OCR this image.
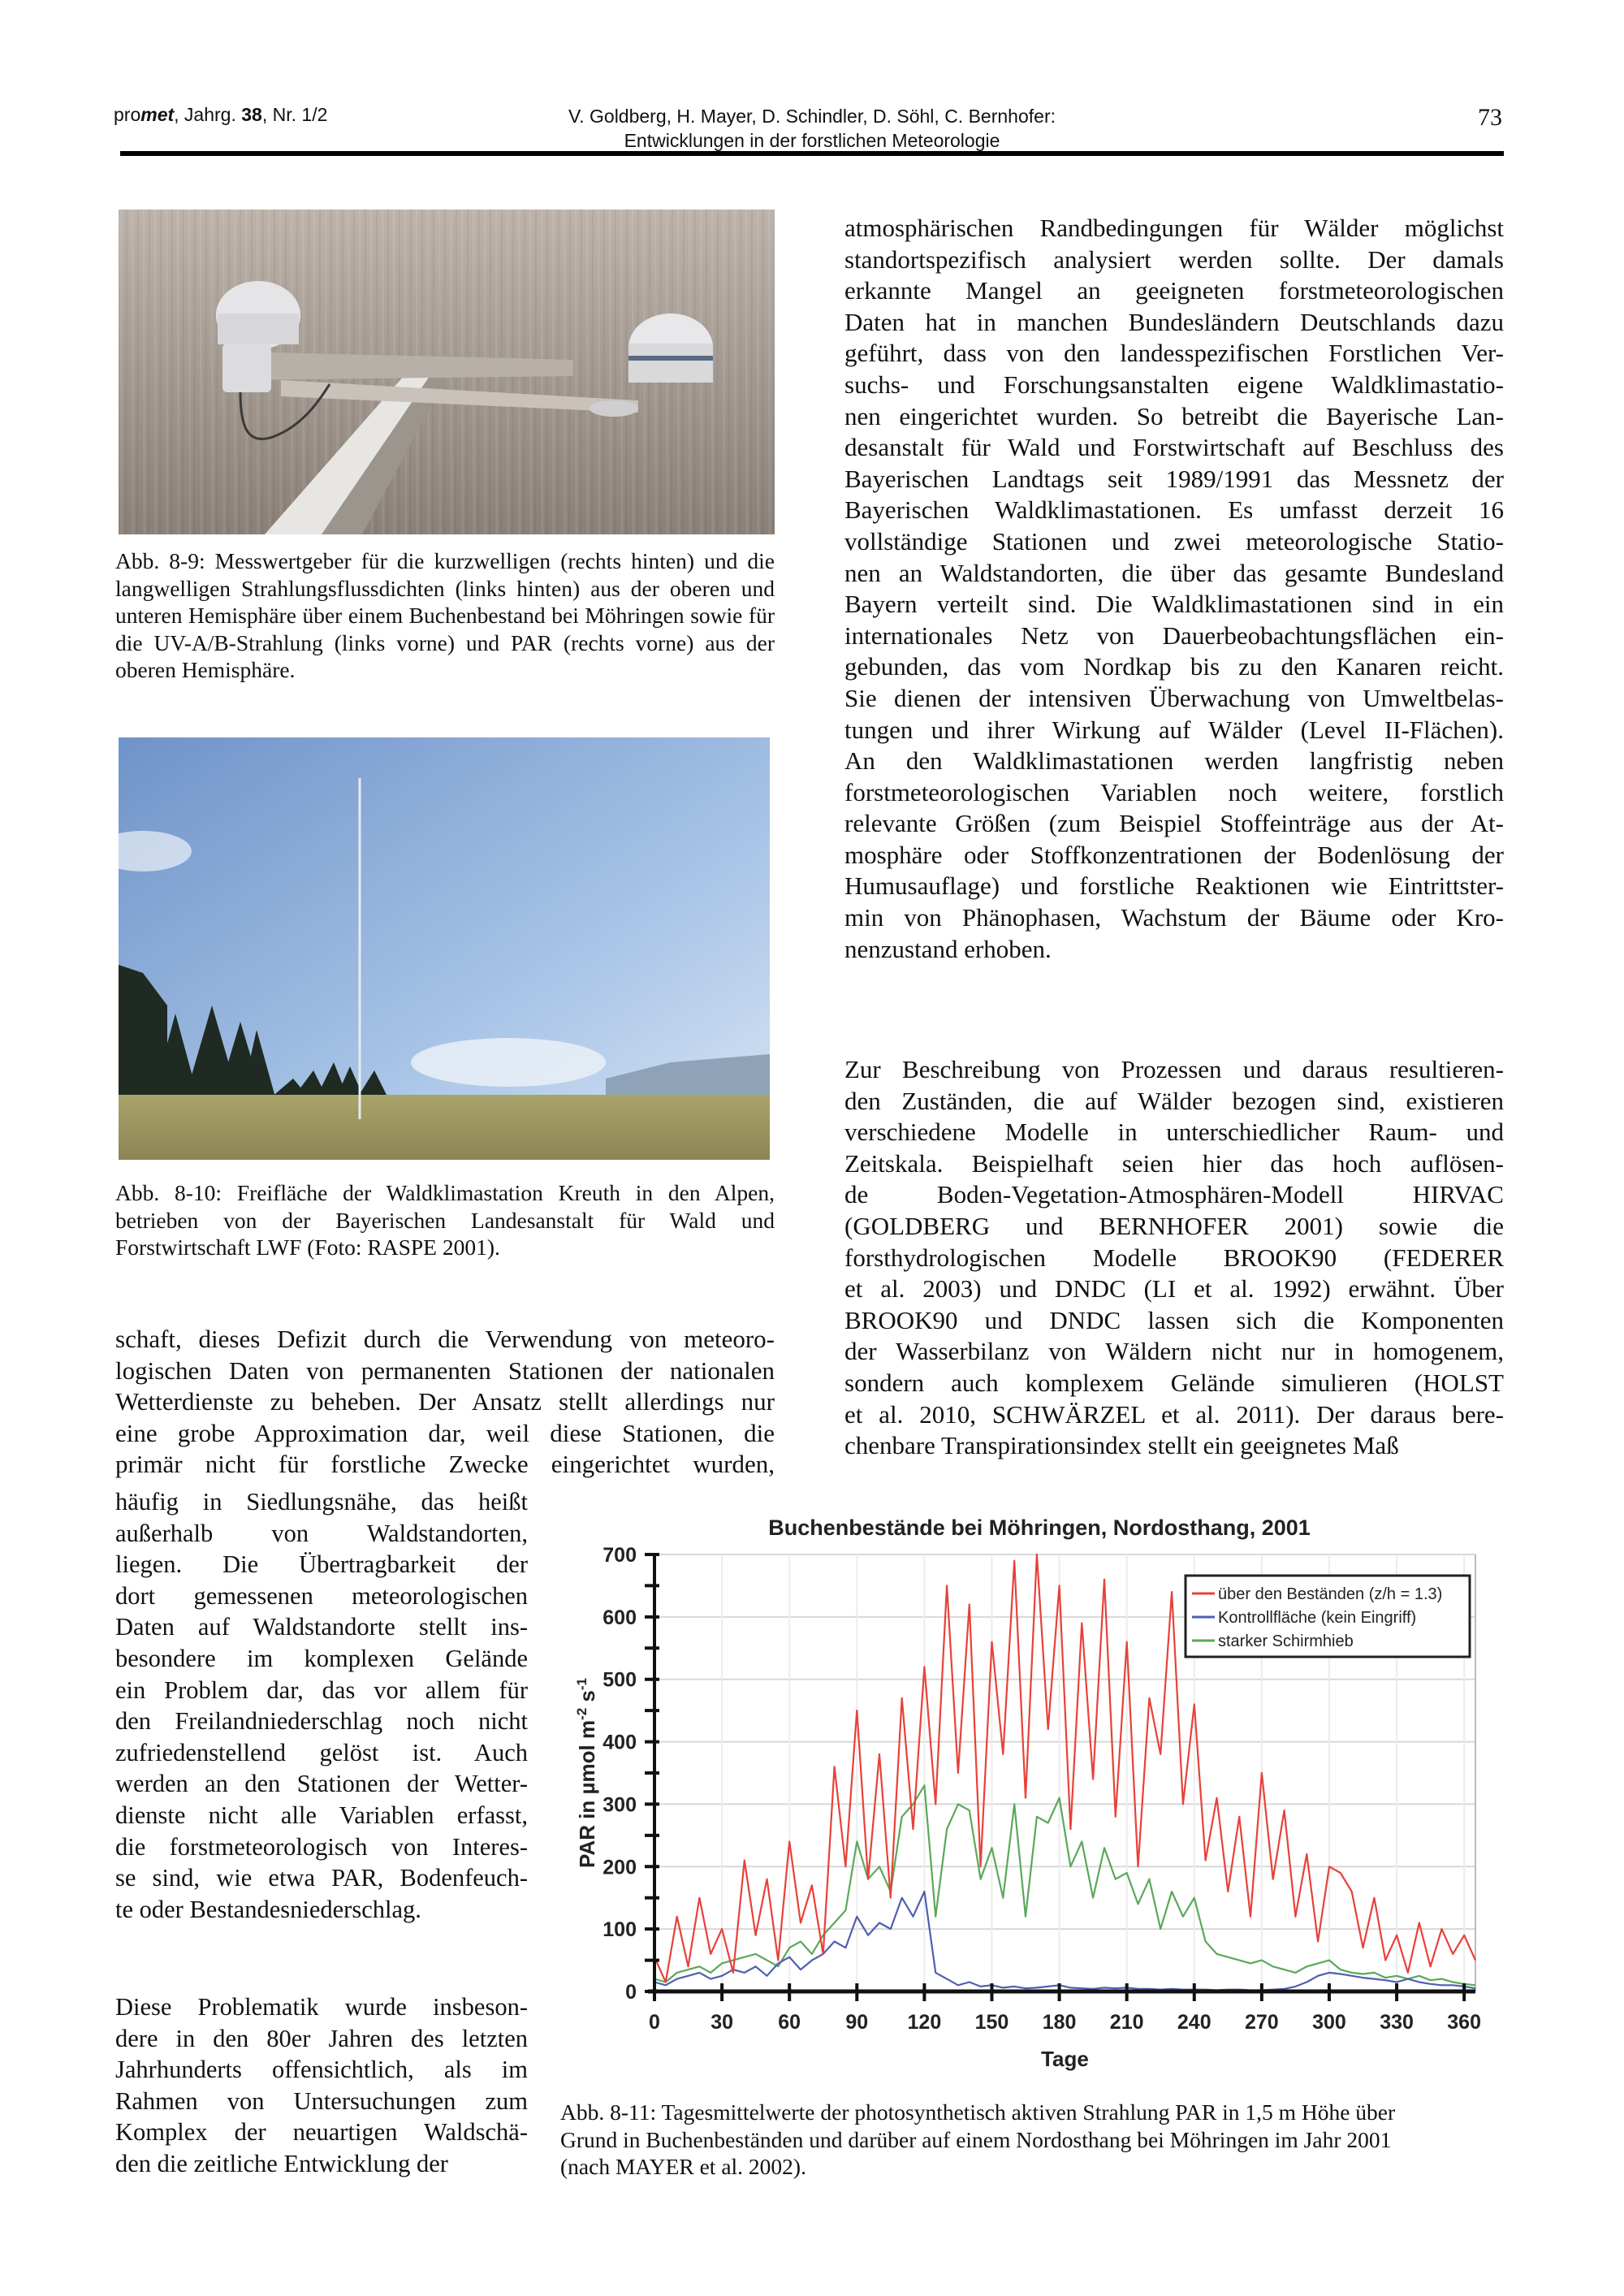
promet, Jahrg. 38, Nr. 1/2	V. Goldberg, H. Mayer, D. Schindler, D. Söhl, C. Bernhofer:
Entwicklungen in der forstlichen Meteorologie
73
Abb. 8-9: Messwertgeber für die kurzwelligen (rechts hinten) und die langwelligen Strahlungsflussdichten (links hinten) aus der oberen und unteren Hemisphäre über einem Buchenbestand bei Möhringen sowie für die UV-A/B-Strahlung (links vorne) und PAR (rechts vorne) aus der oberen Hemisphäre.
Abb. 8-10: Freifläche der Waldklimastation Kreuth in den Alpen, betrieben von der Bayerischen Landesanstalt für Wald und Forstwirtschaft LWF (Foto: RASPE 2001).
schaft, dieses Defizit durch die Verwendung von meteoro-
logischen Daten von permanenten Stationen der nationalen
Wetterdienste zu beheben. Der Ansatz stellt allerdings nur
eine grobe Approximation dar, weil diese Stationen, die
primär nicht für forstliche Zwecke eingerichtet wurden,
häufig in Siedlungsnähe, das heißt
außerhalb von Waldstandorten,
liegen. Die Übertragbarkeit der
dort gemessenen meteorologischen
Daten auf Waldstandorte stellt ins-
besondere im komplexen Gelände
ein Problem dar, das vor allem für
den Freilandniederschlag noch nicht
zufriedenstellend gelöst ist. Auch
werden an den Stationen der Wetter-
dienste nicht alle Variablen erfasst,
die forstmeteorologisch von Interes-
se sind, wie etwa PAR, Bodenfeuch-
te oder Bestandesniederschlag.
Diese Problematik wurde insbeson-
dere in den 80er Jahren des letzten
Jahrhunderts offensichtlich, als im
Rahmen von Untersuchungen zum
Komplex der neuartigen Waldschä-
den die zeitliche Entwicklung der
atmosphärischen Randbedingungen für Wälder möglichst
standortspezifisch analysiert werden sollte. Der damals
erkannte Mangel an geeigneten forstmeteorologischen
Daten hat in manchen Bundesländern Deutschlands dazu
geführt, dass von den landesspezifischen Forstlichen Ver-
suchs- und Forschungsanstalten eigene Waldklimastatio-
nen eingerichtet wurden. So betreibt die Bayerische Lan-
desanstalt für Wald und Forstwirtschaft auf Beschluss des
Bayerischen Landtags seit 1989/1991 das Messnetz der
Bayerischen Waldklimastationen. Es umfasst derzeit 16
vollständige Stationen und zwei meteorologische Statio-
nen an Waldstandorten, die über das gesamte Bundesland
Bayern verteilt sind. Die Waldklimastationen sind in ein
internationales Netz von Dauerbeobachtungsflächen ein-
gebunden, das vom Nordkap bis zu den Kanaren reicht.
Sie dienen der intensiven Überwachung von Umweltbelas-
tungen und ihrer Wirkung auf Wälder (Level II-Flächen).
An den Waldklimastationen werden langfristig neben
forstmeteorologischen Variablen noch weitere, forstlich
relevante Größen (zum Beispiel Stoffeinträge aus der At-
mosphäre oder Stoffkonzentrationen der Bodenlösung der
Humusauflage) und forstliche Reaktionen wie Eintrittster-
min von Phänophasen, Wachstum der Bäume oder Kro-
nenzustand erhoben.
Zur Beschreibung von Prozessen und daraus resultieren-
den Zuständen, die auf Wälder bezogen sind, existieren
verschiedene Modelle in unterschiedlicher Raum- und
Zeitskala. Beispielhaft seien hier das hoch auflösen-
de Boden-Vegetation-Atmosphären-Modell HIRVAC
(GOLDBERG und BERNHOFER 2001) sowie die
forsthydrologischen Modelle BROOK90 (FEDERER
et al. 2003) und DNDC (LI et al. 1992) erwähnt. Über
BROOK90 und DNDC lassen sich die Komponenten
der Wasserbilanz von Wäldern nicht nur in homogenem,
sondern auch komplexem Gelände simulieren (HOLST
et al. 2010, SCHWÄRZEL et al. 2011). Der daraus bere-
chenbare Transpirationsindex stellt ein geeignetes Maß
Buchenbestände bei Möhringen, Nordosthang, 2001
0
100
200
300
400
500
600
700
0 30 60 90 120 150 180 210 240 270 300 330 360
Tage
PAR in µmol $m^{-2}$ $s^{-1}$
über den Beständen (z/h = 1.3)
Kontrollfläche (kein Eingriff)
starker Schirmhieb
Abb. 8-11: Tagesmittelwerte der photosynthetisch aktiven Strahlung PAR in 1,5 m Höhe über
Grund in Buchenbeständen und darüber auf einem Nordosthang bei Möhringen im Jahr 2001
(nach MAYER et al. 2002).
